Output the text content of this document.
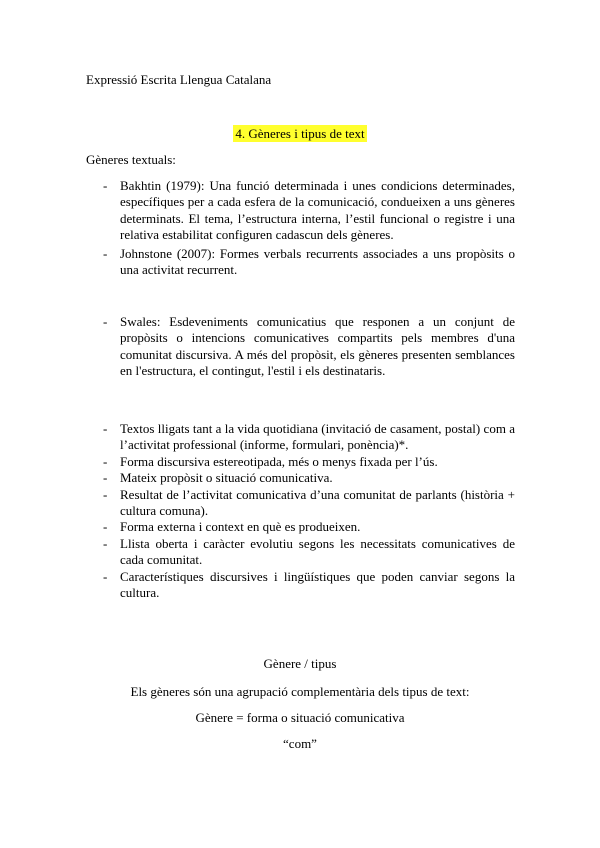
Expressió Escrita Llengua Catalana
4. Gèneres i tipus de text
Gèneres textuals:
- Bakhtin (1979): Una funció determinada i unes condicions determinades, específiques per a cada esfera de la comunicació, condueixen a uns gèneres determinats. El tema, l’estructura interna, l’estil funcional o registre i una relativa estabilitat configuren cadascun dels gèneres.
- Johnstone (2007): Formes verbals recurrents associades a uns propòsits o una activitat recurrent.
- Swales: Esdeveniments comunicatius que responen a un conjunt de propòsits o intencions comunicatives compartits pels membres d'una comunitat discursiva. A més del propòsit, els gèneres presenten semblances en l'estructura, el contingut, l'estil i els destinataris.
- Textos lligats tant a la vida quotidiana (invitació de casament, postal) com a l’activitat professional (informe, formulari, ponència)*.
- Forma discursiva estereotipada, més o menys fixada per l’ús.
- Mateix propòsit o situació comunicativa.
- Resultat de l’activitat comunicativa d’una comunitat de parlants (història + cultura comuna).
- Forma externa i context en què es produeixen.
- Llista oberta i caràcter evolutiu segons les necessitats comunicatives de cada comunitat.
- Característiques discursives i lingüístiques que poden canviar segons la cultura.
Gènere / tipus
Els gèneres són una agrupació complementària dels tipus de text:
Gènere = forma o situació comunicativa
“com”
